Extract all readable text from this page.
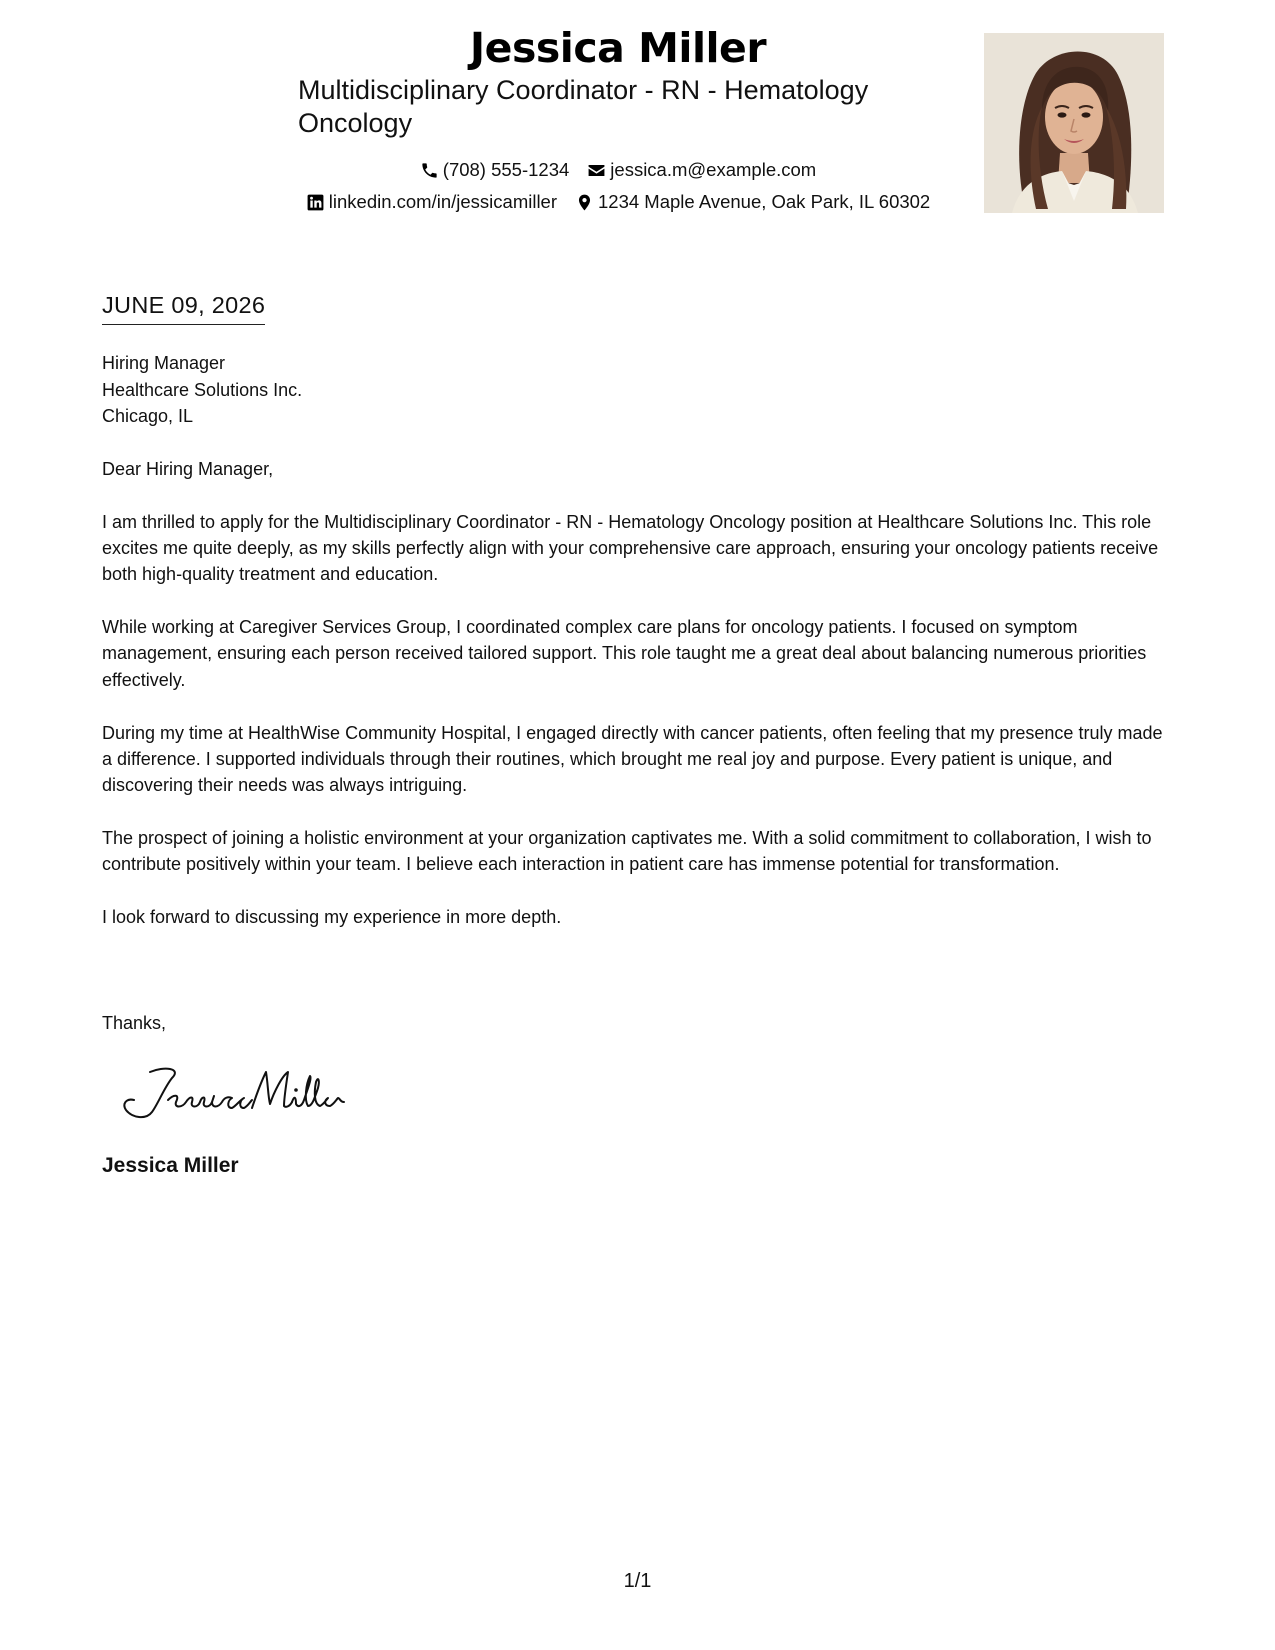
Jessica Miller
Multidisciplinary Coordinator - RN - Hematology Oncology
(708) 555-1234 jessica.m@example.com
linkedin.com/in/jessicamiller 1234 Maple Avenue, Oak Park, IL 60302
JUNE 09, 2026
Hiring Manager
Healthcare Solutions Inc.
Chicago, IL

Dear Hiring Manager,

I am thrilled to apply for the Multidisciplinary Coordinator - RN - Hematology Oncology position at Healthcare Solutions Inc. This role excites me quite deeply, as my skills perfectly align with your comprehensive care approach, ensuring your oncology patients receive both high-quality treatment and education.

While working at Caregiver Services Group, I coordinated complex care plans for oncology patients. I focused on symptom management, ensuring each person received tailored support. This role taught me a great deal about balancing numerous priorities effectively.

During my time at HealthWise Community Hospital, I engaged directly with cancer patients, often feeling that my presence truly made a difference. I supported individuals through their routines, which brought me real joy and purpose. Every patient is unique, and discovering their needs was always intriguing.

The prospect of joining a holistic environment at your organization captivates me. With a solid commitment to collaboration, I wish to contribute positively within your team. I believe each interaction in patient care has immense potential for transformation.

I look forward to discussing my experience in more depth.

Thanks,
Jessica Miller
1/1
